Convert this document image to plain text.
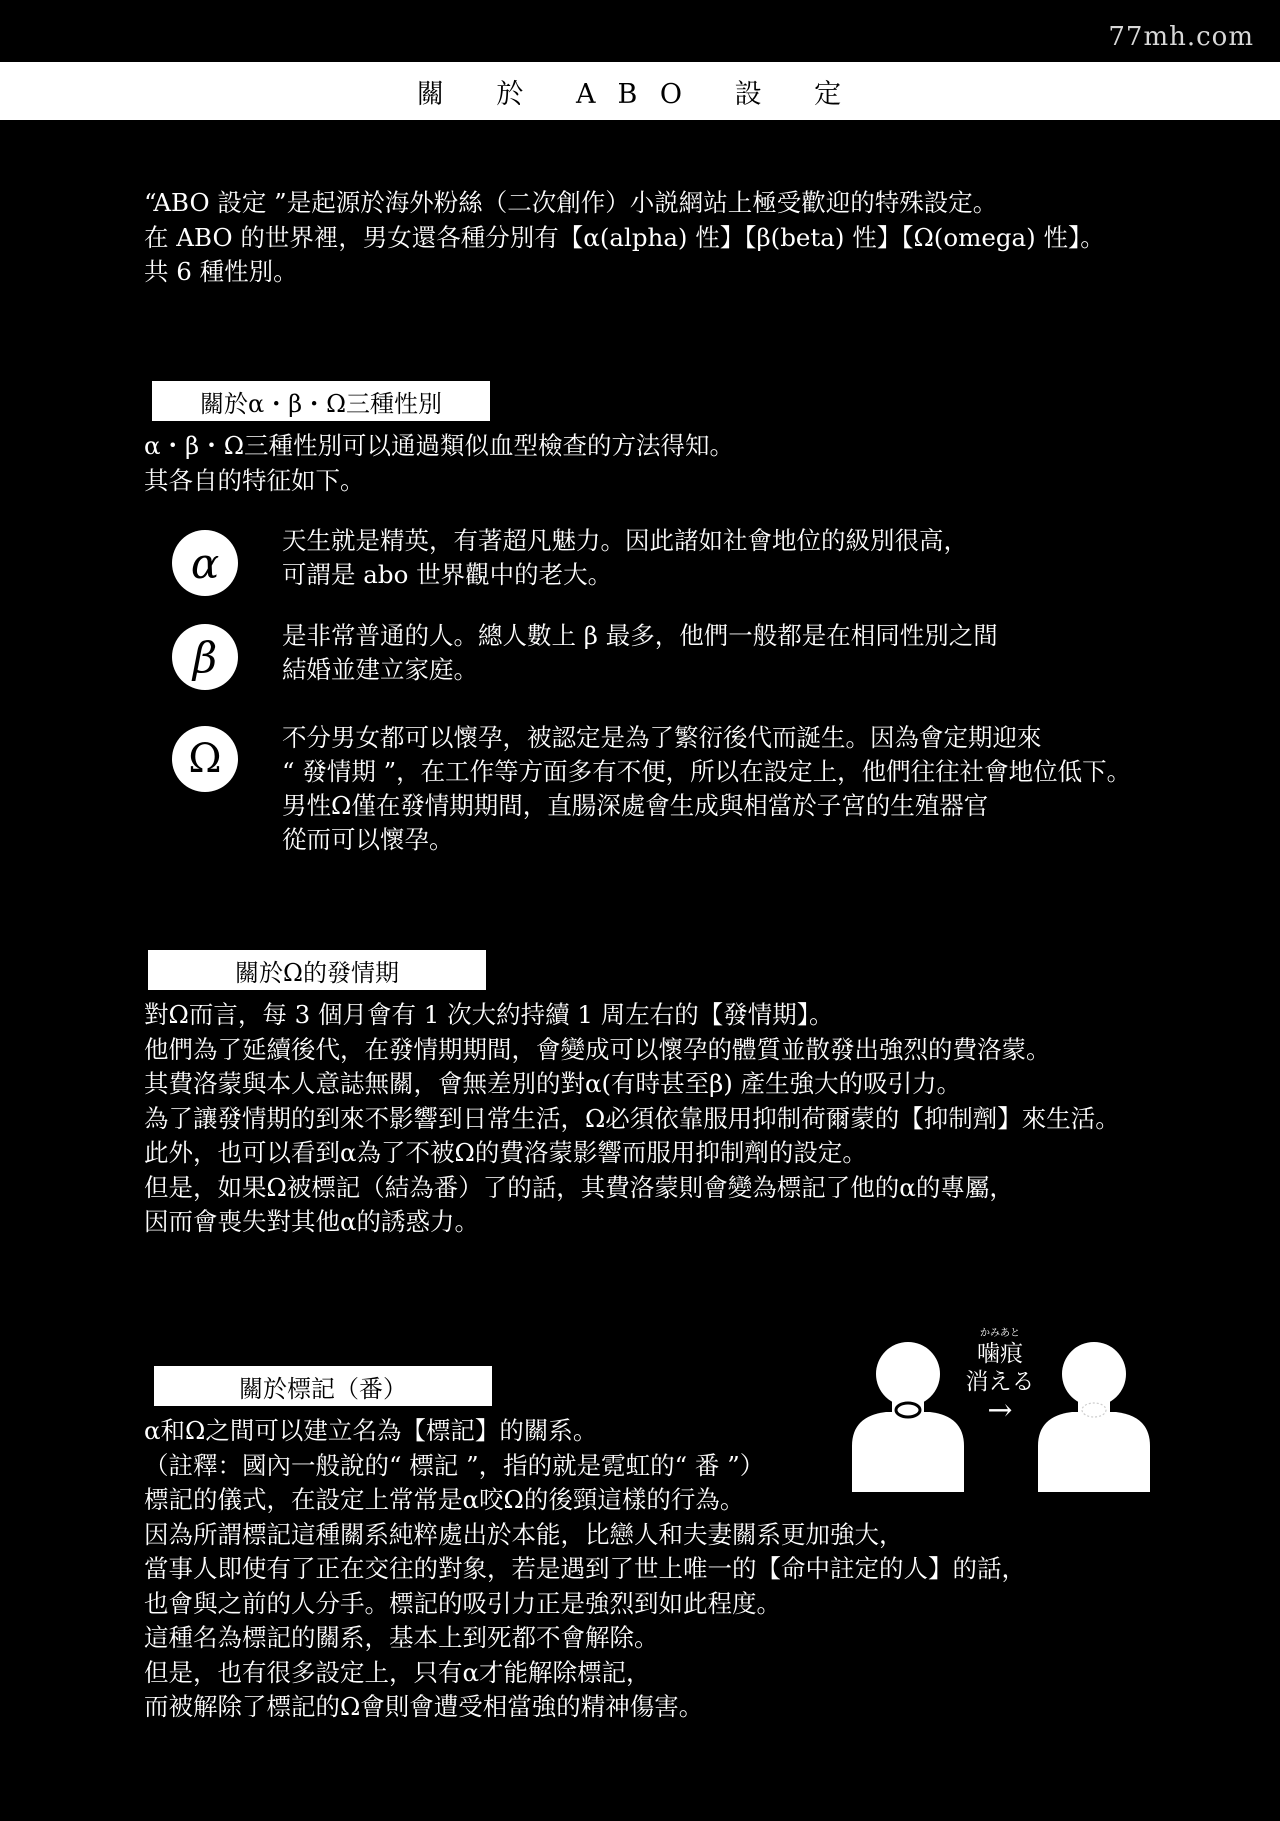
77mh.com
關 於 ABO 設 定
“ABO 設定 ”是起源於海外粉絲（二次創作）小説網站上極受歡迎的特殊設定。
在 ABO 的世界裡，男女還各種分別有【α(alpha) 性】【β(beta) 性】【Ω(omega) 性】。
共 6 種性別。
關於α・β・Ω三種性別
α・β・Ω三種性別可以通過類似血型檢查的方法得知。
其各自的特征如下。
α	天生就是精英，有著超凡魅力。因此諸如社會地位的級別很高，
可謂是 abo 世界觀中的老大。
β	是非常普通的人。總人數上 β 最多，他們一般都是在相同性別之間
結婚並建立家庭。
Ω	不分男女都可以懷孕，被認定是為了繁衍後代而誕生。因為會定期迎來
“ 發情期 ”，在工作等方面多有不便，所以在設定上，他們往往社會地位低下。
男性Ω僅在發情期期間，直腸深處會生成與相當於子宮的生殖器官
從而可以懷孕。
關於Ω的發情期
對Ω而言，每 3 個月會有 1 次大約持續 1 周左右的【發情期】。
他們為了延續後代，在發情期期間，會變成可以懷孕的體質並散發出強烈的費洛蒙。
其費洛蒙與本人意誌無關，會無差別的對α(有時甚至β) 產生強大的吸引力。
為了讓發情期的到來不影響到日常生活，Ω必須依靠服用抑制荷爾蒙的【抑制劑】來生活。
此外，也可以看到α為了不被Ω的費洛蒙影響而服用抑制劑的設定。
但是，如果Ω被標記（結為番）了的話，其費洛蒙則會變為標記了他的α的專屬，
因而會喪失對其他α的誘惑力。
關於標記（番）
α和Ω之間可以建立名為【標記】的關系。
（註釋：國內一般說的“ 標記 ”，指的就是霓虹的“ 番 ”）
標記的儀式，在設定上常常是α咬Ω的後頸這樣的行為。
因為所謂標記這種關系純粹處出於本能，比戀人和夫妻關系更加強大，
當事人即使有了正在交往的對象，若是遇到了世上唯一的【命中註定的人】的話，
也會與之前的人分手。標記的吸引力正是強烈到如此程度。
這種名為標記的關系，基本上到死都不會解除。
但是，也有很多設定上，只有α才能解除標記，
而被解除了標記的Ω會則會遭受相當強的精神傷害。
かみあと
噛痕
消える
→
